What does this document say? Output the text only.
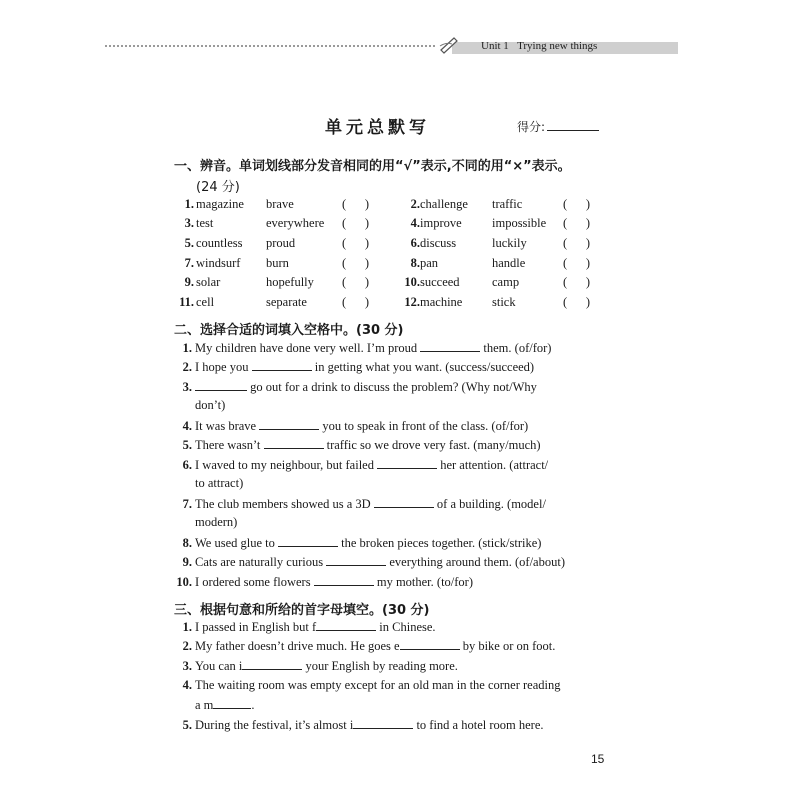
Unit 1 Trying new things
单元总默写	得分:
一、辨音。单词划线部分发音相同的用“√”表示,不同的用“×”表示。
(24 分)
1. magazine brave	(      )	2. challenge traffic	(      )
3. test	everywhere (      )	4. improve impossible (      )
5. countless proud	(      )	6. discuss	luckily	(      )
7. windsurf burn	(      )	8. pan	handle	(      )
9. solar	hopefully (      )	10. succeed	camp	(      )
11. cell	separate	(      )	12. machine stick	(      )
二、选择合适的词填入空格中。(30 分)
1. My children have done very well. I’m proud	them. (of/for)
2. I hope you	in getting what you want. (success/succeed)
3.	go out for a drink to discuss the problem? (Why not/Why
don’t)
4. It was brave	you to speak in front of the class. (of/for)
5. There wasn’t	traffic so we drove very fast. (many/much)
6. I waved to my neighbour, but failed	her attention. (attract/
to attract)
7. The club members showed us a 3D	of a building. (model/
modern)
8. We used glue to	the broken pieces together. (stick/strike)
9. Cats are naturally curious	everything around them. (of/about)
10. I ordered some flowers	my mother. (to/for)
三、根据句意和所给的首字母填空。(30 分)
1. I passed in English but f	in Chinese.
2. My father doesn’t drive much. He goes e	by bike or on foot.
3. You can i	your English by reading more.
4. The waiting room was empty except for an old man in the corner reading
a m	.
5. During the festival, it’s almost i	to find a hotel room here.
15
